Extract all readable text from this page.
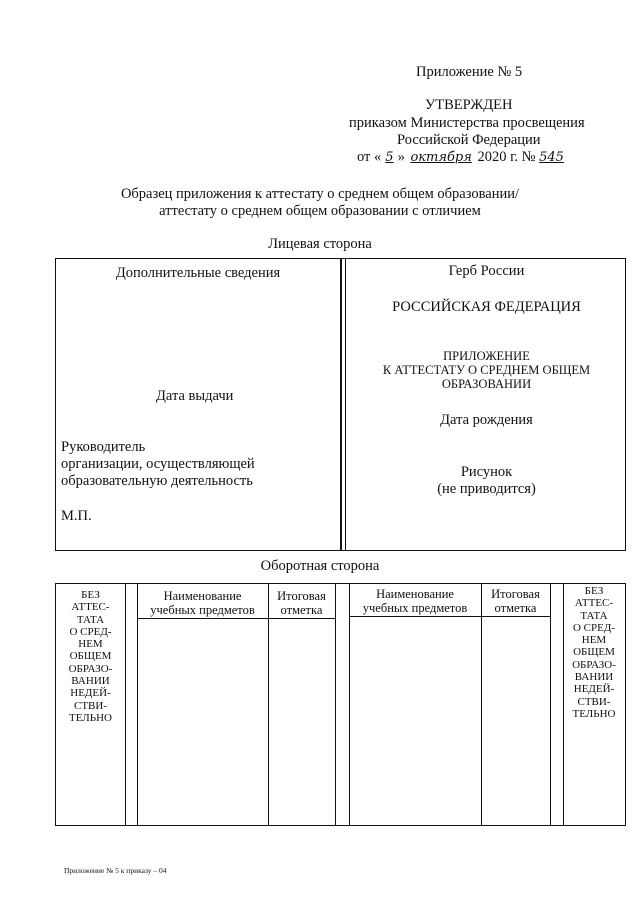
Приложение № 5
УТВЕРЖДЕН
приказом Министерства просвещения
Российской Федерации
от « 5 » октября 2020 г. № 545
Образец приложения к аттестату о среднем общем образовании/
аттестату о среднем общем образовании с отличием
Лицевая сторона
Дополнительные сведения
Дата выдачи
Руководитель
организации, осуществляющей
образовательную деятельность
М.П.
Герб России
РОССИЙСКАЯ ФЕДЕРАЦИЯ
ПРИЛОЖЕНИЕ
К АТТЕСТАТУ О СРЕДНЕМ ОБЩЕМ
ОБРАЗОВАНИИ
Дата рождения
Рисунок
(не приводится)
Оборотная сторона
БЕЗ
АТТЕС-
ТАТА
О СРЕД-
НЕМ
ОБЩЕМ
ОБРАЗО-
ВАНИИ
НЕДЕЙ-
СТВИ-
ТЕЛЬНО
Наименование
учебных предметов
Итоговая
отметка
Наименование
учебных предметов
Итоговая
отметка
БЕЗ
АТТЕС-
ТАТА
О СРЕД-
НЕМ
ОБЩЕМ
ОБРАЗО-
ВАНИИ
НЕДЕЙ-
СТВИ-
ТЕЛЬНО
Приложение № 5 к приказу – 04
